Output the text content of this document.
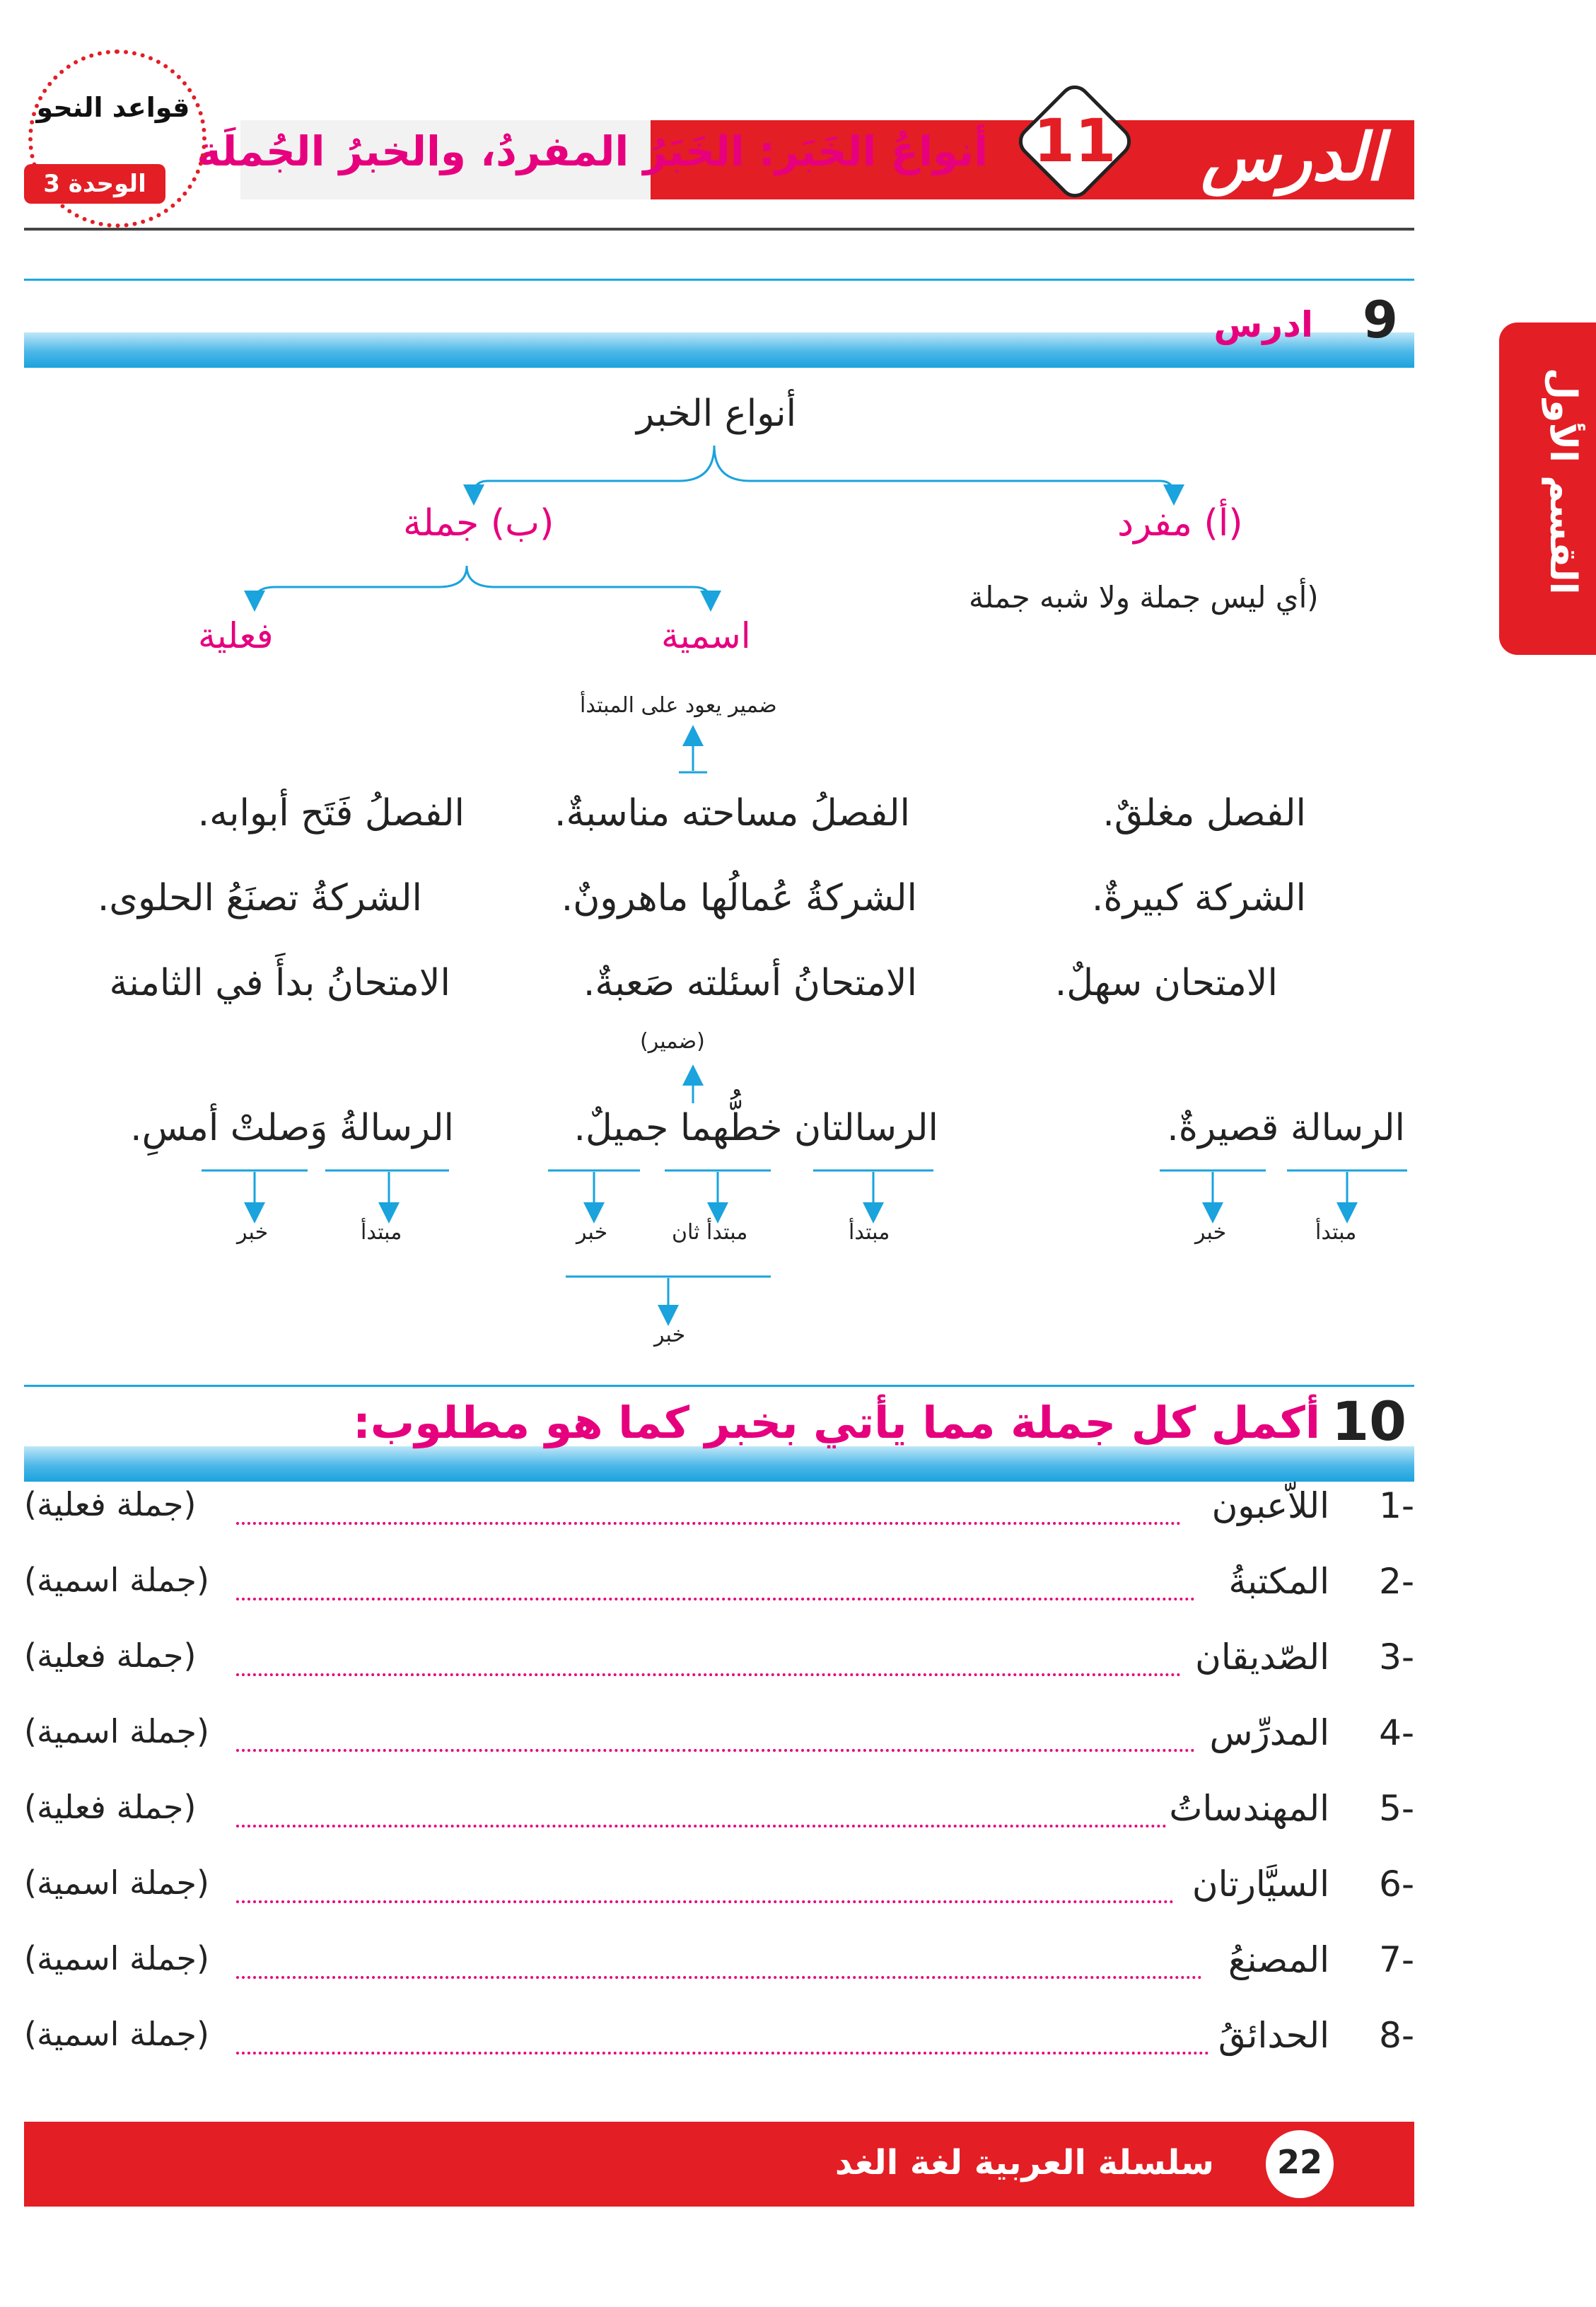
الدرس
11
أنواعُ الخَبَر: الخَبَرُ المفردُ، والخبرُ الجُملَة
قواعد النحو
الوحدة 3
القسم الأول
9
ادرس
أنواع الخبر
(أ) مفرد
(ب) جملة
(أي ليس جملة ولا شبه جملة
اسمية
فعلية
ضمير يعود على المبتدأ
الفصل مغلقٌ.
الفصلُ مساحته مناسبةٌ.
الفصلُ فَتَح أبوابه.
الشركة كبيرةٌ.
الشركةُ عُمالُها ماهرونٌ.
الشركةُ تصنَعُ الحلوى.
الامتحان سهلٌ.
الامتحانُ أسئلته صَعبةٌ.
الامتحانُ بدأَ في الثامنة
(ضمير)
الرسالة قصيرةٌ.
الرسالتان خطُّهما جميلٌ.
الرسالةُ وَصلتْ أمسِ.
مبتدأ
خبر
مبتدأ
مبتدأ ثان
خبر
خبر
مبتدأ
خبر
10
أكمل كل جملة مما يأتي بخبر كما هو مطلوب:
1-
اللاّعبون
(جملة فعلية)
2-
المكتبةُ
(جملة اسمية)
3-
الصّديقان
(جملة فعلية)
4-
المدرِّس
(جملة اسمية)
5-
المهندساتُ
(جملة فعلية)
6-
السيَّارتان
(جملة اسمية)
7-
المصنعُ
(جملة اسمية)
8-
الحدائقُ
(جملة اسمية)
22
سلسلة العربية لغة الغد
